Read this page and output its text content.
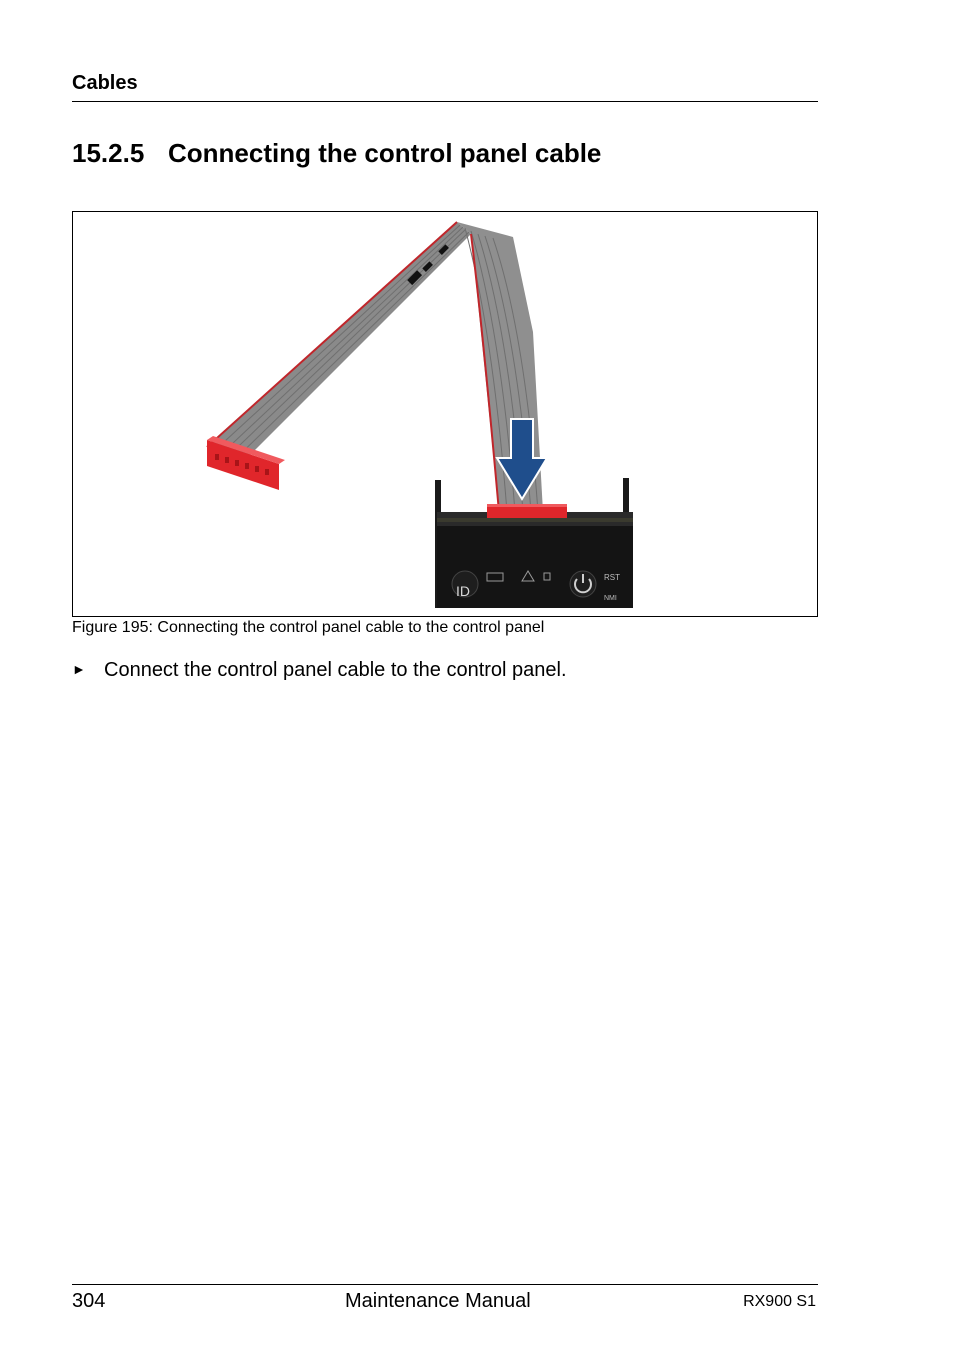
Cables
15.2.5 Connecting the control panel cable
ID
RST
NMI
Figure 195: Connecting the control panel cable to the control panel
► Connect the control panel cable to the control panel.
304	Maintenance Manual	RX900 S1
